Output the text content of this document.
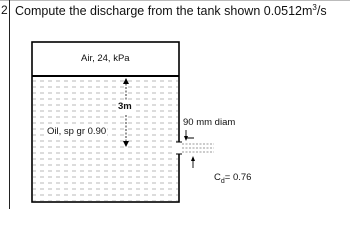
2 Compute the discharge from the tank shown $0.0512m^3/s$
Air, 24, kPa
3m
Oil, sp gr 0.90
90 mm diam
$C_d= 0.76$
